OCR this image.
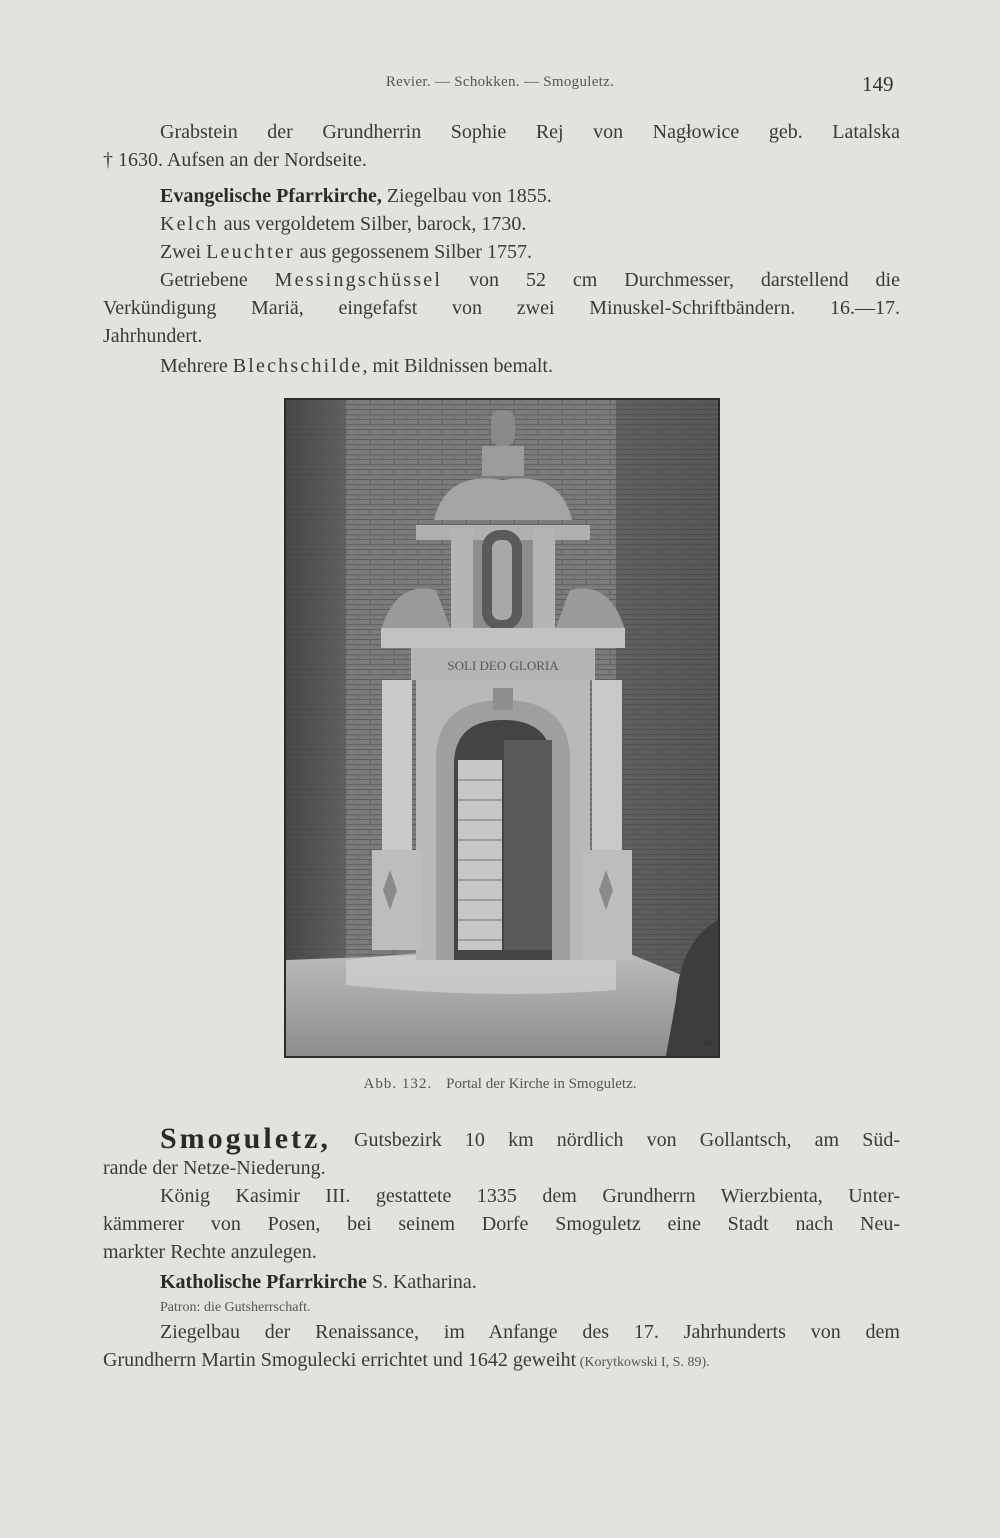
Revier. — Schokken. — Smoguletz.	149
Grabstein der Grundherrin Sophie Rej von Nagłowice geb. Latalska
† 1630. Aufsen an der Nordseite.
Evangelische Pfarrkirche, Ziegelbau von 1855.
Kelch aus vergoldetem Silber, barock, 1730.
Zwei Leuchter aus gegossenem Silber 1757.
Getriebene Messingschüssel von 52 cm Durchmesser, darstellend die
Verkündigung Mariä, eingefafst von zwei Minuskel-Schriftbändern. 16.—17.
Jahrhundert.
Mehrere Blechschilde, mit Bildnissen bemalt.
SOLI DEO GLORIA
Br.
Abb. 132. Portal der Kirche in Smoguletz.
Smoguletz, Gutsbezirk 10 km nördlich von Gollantsch, am Süd-
rande der Netze-Niederung.
König Kasimir III. gestattete 1335 dem Grundherrn Wierzbienta, Unter-
kämmerer von Posen, bei seinem Dorfe Smoguletz eine Stadt nach Neu-
markter Rechte anzulegen.
Katholische Pfarrkirche S. Katharina.
Patron: die Gutsherrschaft.
Ziegelbau der Renaissance, im Anfange des 17. Jahrhunderts von dem
Grundherrn Martin Smogulecki errichtet und 1642 geweiht (Korytkowski I, S. 89).
